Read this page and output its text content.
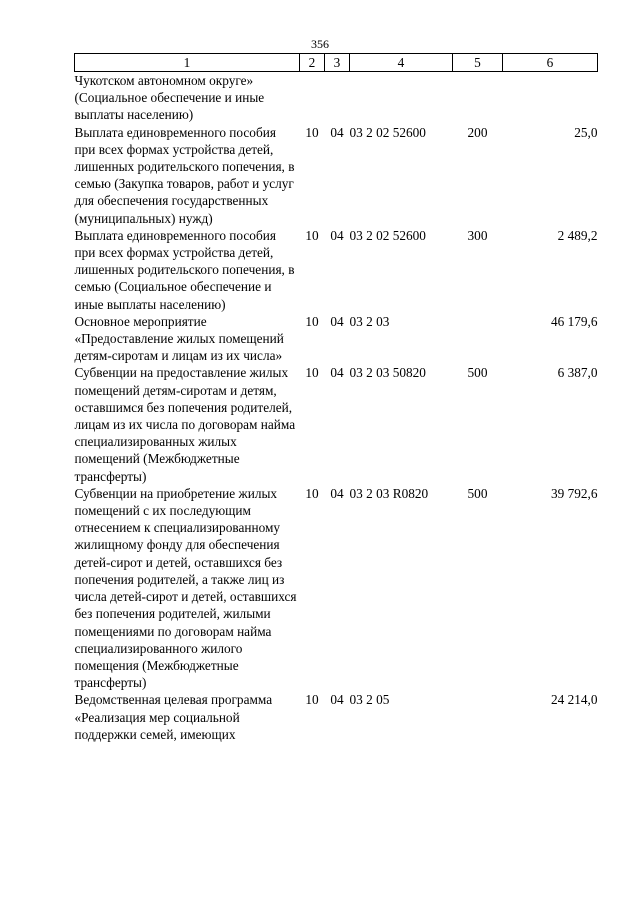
356
1	2	3	4	5	6
Чукотском автономном округе» (Социальное обеспечение и иные выплаты населению)					
Выплата единовременного пособия при всех формах устройства детей, лишенных родительского попечения, в семью (Закупка товаров, работ и услуг для обеспечения государственных (муниципальных) нужд)	10	04	03 2 02 52600	200	25,0
Выплата единовременного пособия при всех формах устройства детей, лишенных родительского попечения, в семью (Социальное обеспечение и иные выплаты населению)	10	04	03 2 02 52600	300	2 489,2
Основное мероприятие «Предоставление жилых помещений детям-сиротам и лицам из их числа»	10	04	03 2 03		46 179,6
Субвенции на предоставление жилых помещений детям-сиротам и детям, оставшимся без попечения родителей, лицам из их числа по договорам найма специализированных жилых помещений (Межбюджетные трансферты)	10	04	03 2 03 50820	500	6 387,0
Субвенции на приобретение жилых помещений с их последующим отнесением к специализированному жилищному фонду для обеспечения детей-сирот и детей, оставшихся без попечения родителей, а также лиц из числа детей-сирот и детей, оставшихся без попечения родителей, жилыми помещениями по договорам найма специализированного жилого помещения (Межбюджетные трансферты)	10	04	03 2 03 R0820	500	39 792,6
Ведомственная целевая программа «Реализация мер социальной поддержки семей, имеющих	10	04	03 2 05		24 214,0
